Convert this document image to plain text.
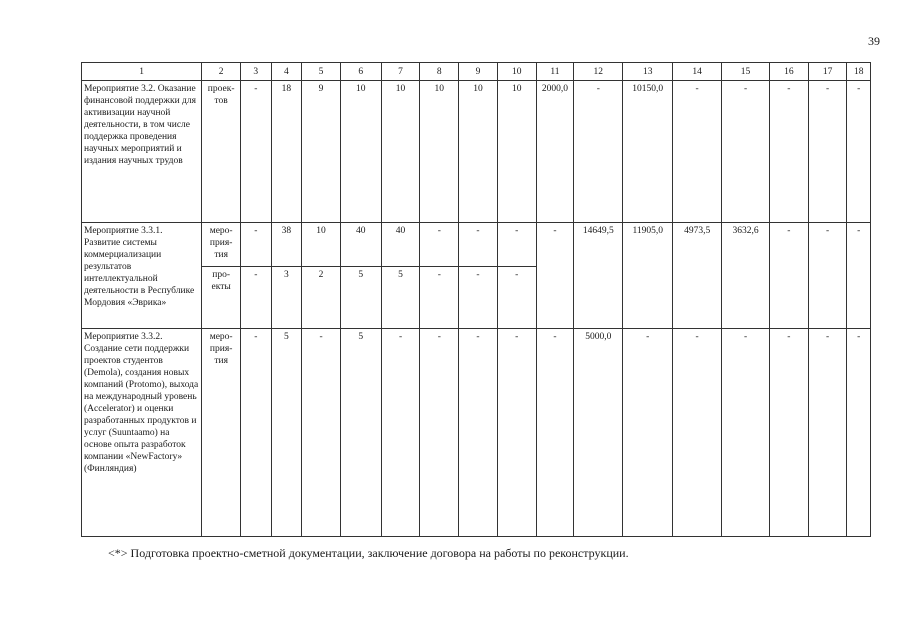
39
1	2	3	4	5	6	7	8	9	10	11	12	13	14	15	16	17	18
Мероприятие 3.2. Оказание финансовой поддержки для активизации научной деятельности, в том числе поддержка проведения научных мероприятий и издания научных трудов	проек-тов	-	18	9	10	10	10	10	10	2000,0	-	10150,0	-	-	-	-	-
Мероприятие 3.3.1. Развитие системы коммерциализации результатов интеллектуальной деятельности в Республике Мордовия «Эврика»	меро-прия-тия	-	38	10	40	40	-	-	-	-	14649,5	11905,0	4973,5	3632,6	-	-	-
	про-екты	-	3	2	5	5	-	-	-								
Мероприятие 3.3.2. Создание сети поддержки проектов студентов (Demola), создания новых компаний (Protomo), выхода на международный уровень (Accelerator) и оценки разработанных продуктов и услуг (Suuntaamo) на основе опыта разработок компании «NewFactory» (Финляндия)	меро-прия-тия	-	5	-	5	-	-	-	-	-	5000,0	-	-	-	-	-	-
<*> Подготовка проектно-сметной документации, заключение договора на работы по реконструкции.
